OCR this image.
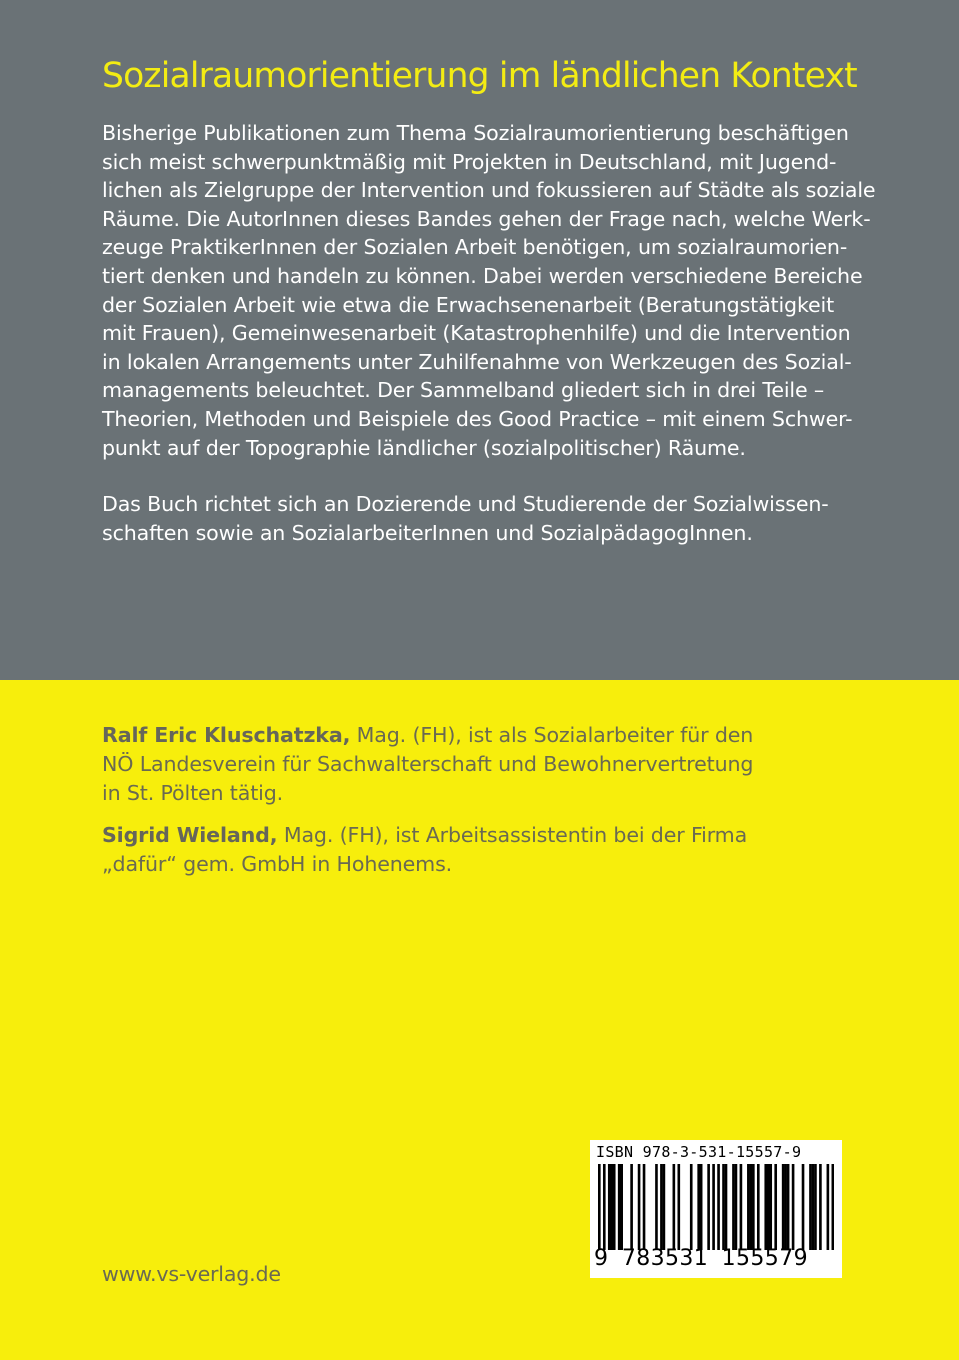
Sozialraumorientierung im ländlichen Kontext
Bisherige Publikationen zum Thema Sozialraumorientierung beschäftigen
sich meist schwerpunktmäßig mit Projekten in Deutschland, mit Jugend-
lichen als Zielgruppe der Intervention und fokussieren auf Städte als soziale
Räume. Die AutorInnen dieses Bandes gehen der Frage nach, welche Werk-
zeuge PraktikerInnen der Sozialen Arbeit benötigen, um sozialraumorien-
tiert denken und handeln zu können. Dabei werden verschiedene Bereiche
der Sozialen Arbeit wie etwa die Erwachsenenarbeit (Beratungstätigkeit
mit Frauen), Gemeinwesenarbeit (Katastrophenhilfe) und die Intervention
in lokalen Arrangements unter Zuhilfenahme von Werkzeugen des Sozial-
managements beleuchtet. Der Sammelband gliedert sich in drei Teile –
Theorien, Methoden und Beispiele des Good Practice – mit einem Schwer-
punkt auf der Topographie ländlicher (sozialpolitischer) Räume.
Das Buch richtet sich an Dozierende und Studierende der Sozialwissen-
schaften sowie an SozialarbeiterInnen und SozialpädagogInnen.
Ralf Eric Kluschatzka, Mag. (FH), ist als Sozialarbeiter für den
NÖ Landesverein für Sachwalterschaft und Bewohnervertretung
in St. Pölten tätig.
Sigrid Wieland, Mag. (FH), ist Arbeitsassistentin bei der Firma
„dafür“ gem. GmbH in Hohenems.
www.vs-verlag.de
ISBN 978-3-531-15557-9
9 783531 155579
